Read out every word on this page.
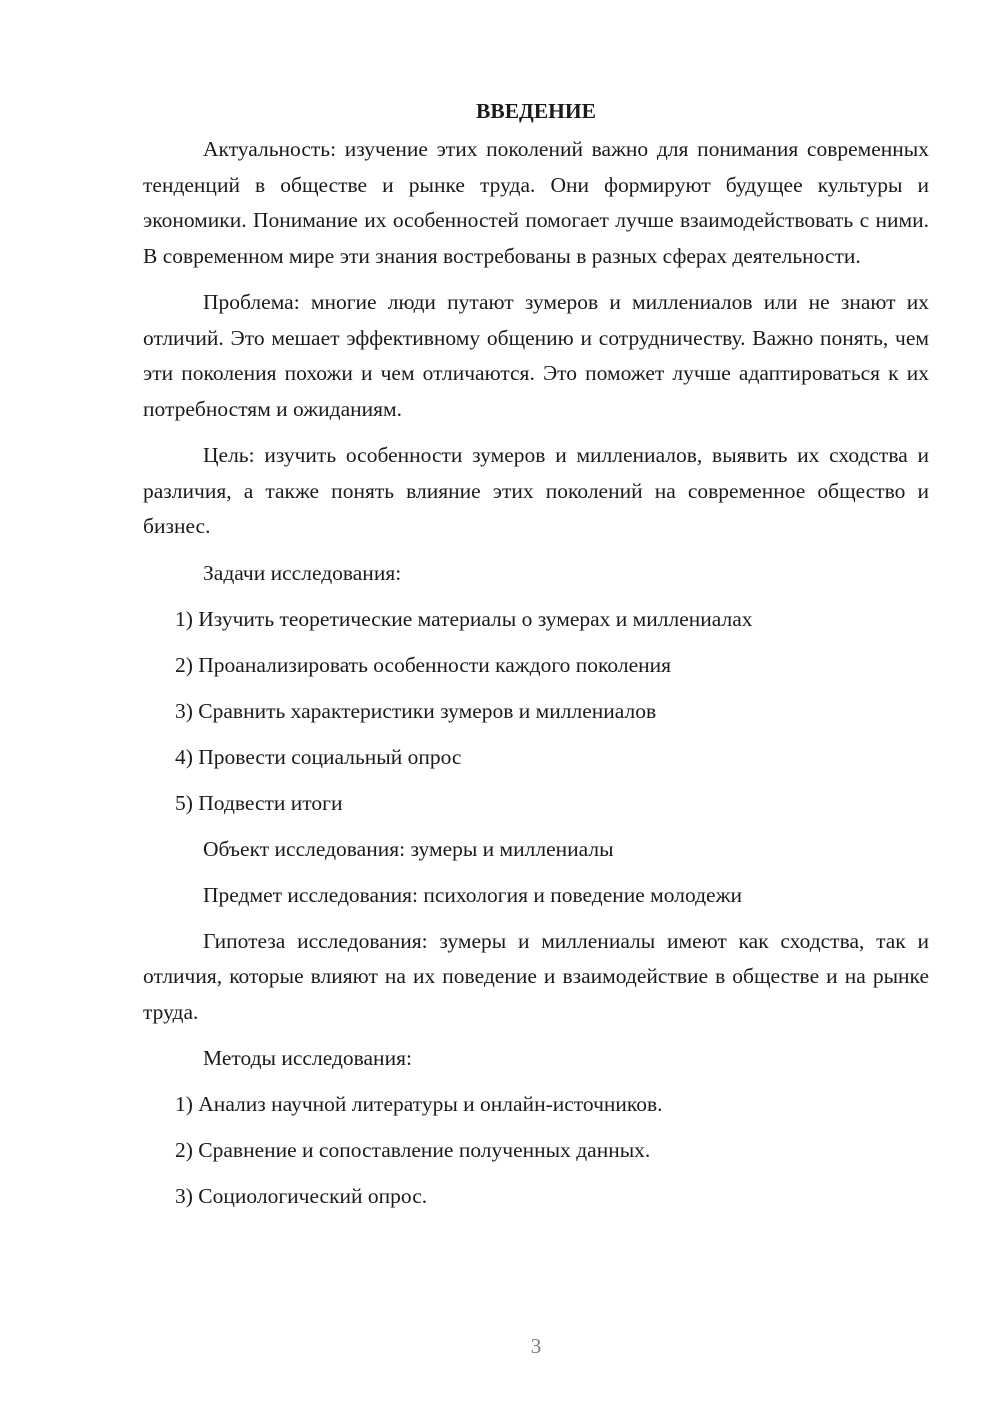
ВВЕДЕНИЕ

Актуальность: изучение этих поколений важно для понимания современных тенденций в обществе и рынке труда. Они формируют будущее культуры и экономики. Понимание их особенностей помогает лучше взаимодействовать с ними. В современном мире эти знания востребованы в разных сферах деятельности.

Проблема: многие люди путают зумеров и миллениалов или не знают их отличий. Это мешает эффективному общению и сотрудничеству. Важно понять, чем эти поколения похожи и чем отличаются. Это поможет лучше адаптироваться к их потребностям и ожиданиям.

Цель: изучить особенности зумеров и миллениалов, выявить их сходства и различия, а также понять влияние этих поколений на современное общество и бизнес.

Задачи исследования:

1) Изучить теоретические материалы о зумерах и миллениалах

2) Проанализировать особенности каждого поколения

3) Сравнить характеристики зумеров и миллениалов

4) Провести социальный опрос

5) Подвести итоги

Объект исследования: зумеры и миллениалы

Предмет исследования: психология и поведение молодежи

Гипотеза исследования: зумеры и миллениалы имеют как сходства, так и отличия, которые влияют на их поведение и взаимодействие в обществе и на рынке труда.

Методы исследования:

1) Анализ научной литературы и онлайн-источников.

2) Сравнение и сопоставление полученных данных.

3) Социологический опрос.

3
